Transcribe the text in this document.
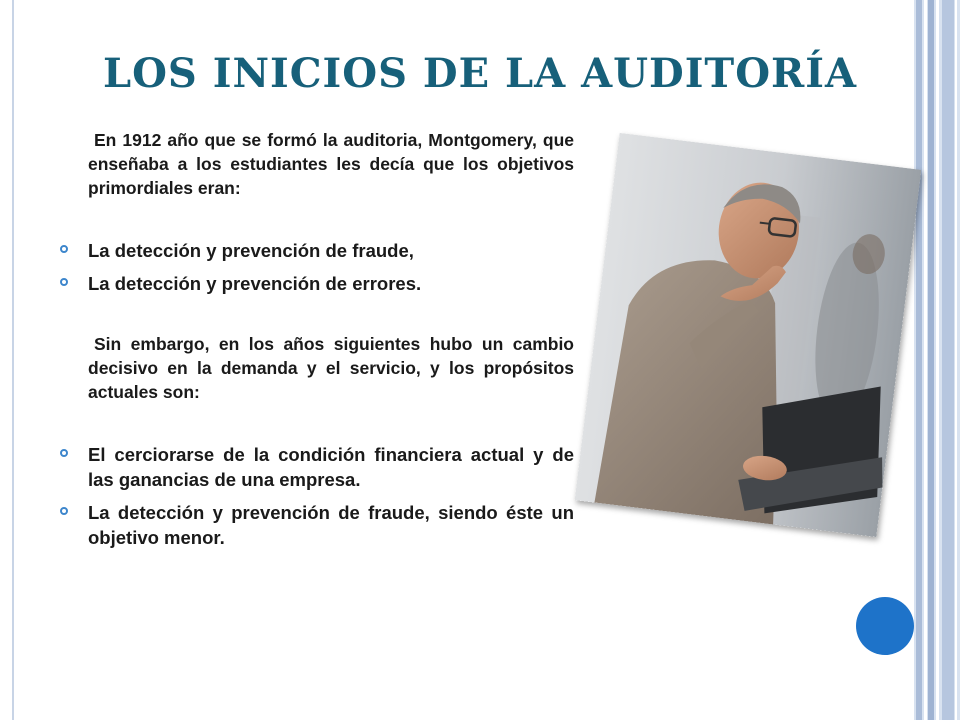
LOS INICIOS DE LA AUDITORÍA

En 1912 año que se formó la auditoria, Montgomery, que enseñaba a los estudiantes les decía que los objetivos primordiales eran:

La detección y prevención de fraude,
La detección y prevención de errores.

Sin embargo, en los años siguientes hubo un cambio decisivo en la demanda y el servicio, y los propósitos actuales son:

El cerciorarse de la condición financiera actual y de las ganancias de una empresa.
La detección y prevención de fraude, siendo éste un objetivo menor.
